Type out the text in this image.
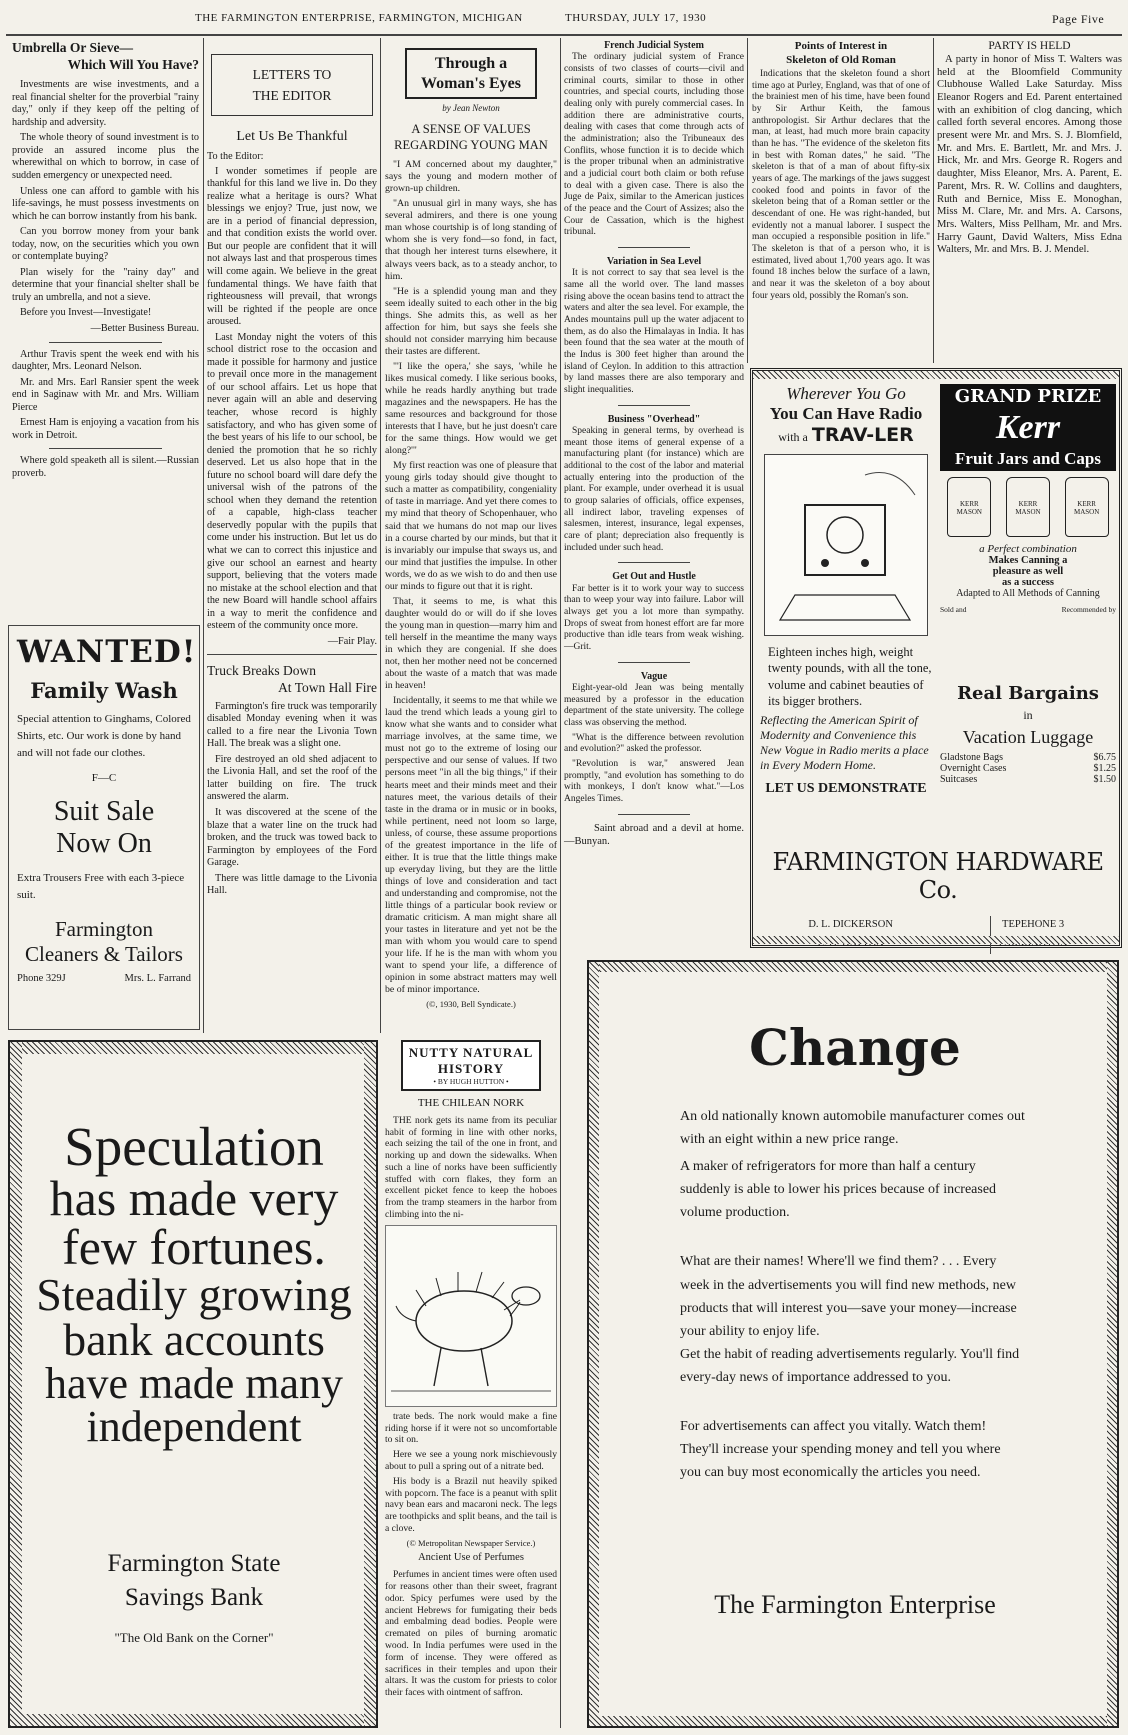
THE FARMINGTON ENTERPRISE, FARMINGTON, MICHIGAN	THURSDAY, JULY 17, 1930	Page Five
Umbrella Or Sieve—
Which Will You Have?

Investments are wise investments, and a real financial shelter for the proverbial "rainy day," only if they keep off the pelting of hardship and adversity.

The whole theory of sound investment is to provide an assured income plus the wherewithal on which to borrow, in case of sudden emergency or unexpected need.

Unless one can afford to gamble with his life-savings, he must possess investments on which he can borrow instantly from his bank.

Can you borrow money from your bank today, now, on the securities which you own or contemplate buying?

Plan wisely for the "rainy day" and determine that your financial shelter shall be truly an umbrella, and not a sieve.

Before you Invest—Investigate!

—Better Business Bureau.

Arthur Travis spent the week end with his daughter, Mrs. Leonard Nelson.

Mr. and Mrs. Earl Ransier spent the week end in Saginaw with Mr. and Mrs. William Pierce

Ernest Ham is enjoying a vacation from his work in Detroit.

Where gold speaketh all is silent.—Russian proverb.

WANTED!
Family Wash
Special attention to Ginghams, Colored Shirts, etc. Our work is done by hand and will not fade our clothes.
F—C
Suit Sale
Now On
Extra Trousers Free with each 3-piece suit.
Farmington
Cleaners & Tailors
Phone 329J	Mrs. L. Farrand
LETTERS TO
THE EDITOR
Let Us Be Thankful
To the Editor:

I wonder sometimes if people are thankful for this land we live in. Do they realize what a heritage is ours? What blessings we enjoy? True, just now, we are in a period of financial depression, and that condition exists the world over. But our people are confident that it will not always last and that prosperous times will come again. We believe in the great fundamental things. We have faith that righteousness will prevail, that wrongs will be righted if the people are once aroused.

Last Monday night the voters of this school district rose to the occasion and made it possible for harmony and justice to prevail once more in the management of our school affairs. Let us hope that never again will an able and deserving teacher, whose record is highly satisfactory, and who has given some of the best years of his life to our school, be denied the promotion that he so richly deserved. Let us also hope that in the future no school board will dare defy the universal wish of the patrons of the school when they demand the retention of a capable, high-class teacher deservedly popular with the pupils that come under his instruction. But let us do what we can to correct this injustice and give our school an earnest and hearty support, believing that the voters made no mistake at the school election and that the new Board will handle school affairs in a way to merit the confidence and esteem of the community once more.

—Fair Play.
Truck Breaks Down
At Town Hall Fire

Farmington's fire truck was temporarily disabled Monday evening when it was called to a fire near the Livonia Town Hall. The break was a slight one.

Fire destroyed an old shed adjacent to the Livonia Hall, and set the roof of the latter building on fire. The truck answered the alarm.

It was discovered at the scene of the blaze that a water line on the truck had broken, and the truck was towed back to Farmington by employees of the Ford Garage.

There was little damage to the Livonia Hall.

Through a
Woman's Eyes
by Jean Newton
A SENSE OF VALUES REGARDING YOUNG MAN

"I AM concerned about my daughter," says the young and modern mother of grown-up children.

"An unusual girl in many ways, she has several admirers, and there is one young man whose courtship is of long standing of whom she is very fond—so fond, in fact, that though her interest turns elsewhere, it always veers back, as to a steady anchor, to him.

"He is a splendid young man and they seem ideally suited to each other in the big things. She admits this, as well as her affection for him, but says she feels she should not consider marrying him because their tastes are different.

"'I like the opera,' she says, 'while he likes musical comedy. I like serious books, while he reads hardly anything but trade magazines and the newspapers. He has the same resources and background for those interests that I have, but he just doesn't care for the same things. How would we get along?'"

My first reaction was one of pleasure that young girls today should give thought to such a matter as compatibility, congeniality of taste in marriage. And yet there comes to my mind that theory of Schopenhauer, who said that we humans do not map our lives in a course charted by our minds, but that it is invariably our impulse that sways us, and our mind that justifies the impulse. In other words, we do as we wish to do and then use our minds to figure out that it is right.

That, it seems to me, is what this daughter would do or will do if she loves the young man in question—marry him and tell herself in the meantime the many ways in which they are congenial. If she does not, then her mother need not be concerned about the waste of a match that was made in heaven!

Incidentally, it seems to me that while we laud the trend which leads a young girl to know what she wants and to consider what marriage involves, at the same time, we must not go to the extreme of losing our perspective and our sense of values. If two persons meet "in all the big things," if their hearts meet and their minds meet and their natures meet, the various details of their taste in the drama or in music or in books, while pertinent, need not loom so large, unless, of course, these assume proportions of the greatest importance in the life of either. It is true that the little things make up everyday living, but they are the little things of love and consideration and tact and understanding and compromise, not the little things of a particular book review or dramatic criticism. A man might share all your tastes in literature and yet not be the man with whom you would care to spend your life. If he is the man with whom you want to spend your life, a difference of opinion in some abstract matters may well be of minor importance.

(©, 1930, Bell Syndicate.)
NUTTY NATURAL
HISTORY
• BY HUGH HUTTON •
THE CHILEAN NORK

THE nork gets its name from its peculiar habit of forming in line with other norks, each seizing the tail of the one in front, and norking up and down the sidewalks. When such a line of norks have been sufficiently stuffed with corn flakes, they form an excellent picket fence to keep the hoboes from the tramp steamers in the harbor from climbing into the ni-

trate beds. The nork would make a fine riding horse if it were not so uncomfortable to sit on.

Here we see a young nork mischievously about to pull a spring out of a nitrate bed.

His body is a Brazil nut heavily spiked with popcorn. The face is a peanut with split navy bean ears and macaroni neck. The legs are toothpicks and split beans, and the tail is a clove.

(© Metropolitan Newspaper Service.)
Ancient Use of Perfumes

Perfumes in ancient times were often used for reasons other than their sweet, fragrant odor. Spicy perfumes were used by the ancient Hebrews for fumigating their beds and embalming dead bodies. People were cremated on piles of burning aromatic wood. In India perfumes were used in the form of incense. They were offered as sacrifices in their temples and upon their altars. It was the custom for priests to color their faces with ointment of saffron.

French Judicial System

The ordinary judicial system of France consists of two classes of courts—civil and criminal courts, similar to those in other countries, and special courts, including those dealing only with purely commercial cases. In addition there are administrative courts, dealing with cases that come through acts of the administration; also the Tribuneaux des Conflits, whose function it is to decide which is the proper tribunal when an administrative and a judicial court both claim or both refuse to deal with a given case. There is also the Juge de Paix, similar to the American justices of the peace and the Court of Assizes; also the Cour de Cassation, which is the highest tribunal.

Variation in Sea Level

It is not correct to say that sea level is the same all the world over. The land masses rising above the ocean basins tend to attract the waters and alter the sea level. For example, the Andes mountains pull up the water adjacent to them, as do also the Himalayas in India. It has been found that the sea water at the mouth of the Indus is 300 feet higher than around the island of Ceylon. In addition to this attraction by land masses there are also temporary and slight inequalities.

Business "Overhead"

Speaking in general terms, by overhead is meant those items of general expense of a manufacturing plant (for instance) which are additional to the cost of the labor and material actually entering into the production of the plant. For example, under overhead it is usual to group salaries of officials, office expenses, all indirect labor, traveling expenses of salesmen, interest, insurance, legal expenses, care of plant; depreciation also frequently is included under such head.

Get Out and Hustle

Far better is it to work your way to success than to weep your way into failure. Labor will always get you a lot more than sympathy. Drops of sweat from honest effort are far more productive than idle tears from weak wishing.—Grit.

Vague

Eight-year-old Jean was being mentally measured by a professor in the education department of the state university. The college class was observing the method.

"What is the difference between revolution and evolution?" asked the professor.

"Revolution is war," answered Jean promptly, "and evolution has something to do with monkeys, I don't know what."—Los Angeles Times.

Saint abroad and a devil at home.—Bunyan.

Points of Interest in
Skeleton of Old Roman

Indications that the skeleton found a short time ago at Purley, England, was that of one of the brainiest men of his time, have been found by Sir Arthur Keith, the famous anthropologist. Sir Arthur declares that the man, at least, had much more brain capacity than he has. "The evidence of the skeleton fits in best with Roman dates," he said. "The skeleton is that of a man of about fifty-six years of age. The markings of the jaws suggest cooked food and points in favor of the skeleton being that of a Roman settler or the descendant of one. He was right-handed, but evidently not a manual laborer. I suspect the man occupied a responsible position in life." The skeleton is that of a person who, it is estimated, lived about 1,700 years ago. It was found 18 inches below the surface of a lawn, and near it was the skeleton of a boy about four years old, possibly the Roman's son.

PARTY IS HELD

A party in honor of Miss T. Walters was held at the Bloomfield Community Clubhouse Walled Lake Saturday. Miss Eleanor Rogers and Ed. Parent entertained with an exhibition of clog dancing, which called forth several encores. Among those present were Mr. and Mrs. S. J. Blomfield, Mr. and Mrs. E. Bartlett, Mr. and Mrs. J. Hick, Mr. and Mrs. George R. Rogers and daughter, Miss Eleanor, Mrs. A. Parent, E. Parent, Mrs. R. W. Collins and daughters, Ruth and Bernice, Miss E. Monoghan, Miss M. Clare, Mr. and Mrs. A. Carsons, Mrs. Walters, Miss Pellham, Mr. and Mrs. Harry Gaunt, David Walters, Miss Edna Walters, Mr. and Mrs. B. J. Mendel.

Wherever You Go
You Can Have Radio
with a TRAV-LER
Eighteen inches high, weight twenty pounds, with all the tone, volume and cabinet beauties of its bigger brothers.
Reflecting the American Spirit of Modernity and Convenience this New Vogue in Radio merits a place in Every Modern Home.
LET US DEMONSTRATE
GRAND PRIZE
Kerr
Fruit Jars and Caps
KERR MASON
KERR MASON
KERR MASON
a Perfect combination
Makes Canning a
pleasure as well
as a success
Adapted to All Methods of Canning
Sold and	Recommended by
Real Bargains
in
Vacation Luggage
Gladstone Bags	$6.75
Overnight Cases	$1.25
Suitcases	$1.50
FARMINGTON HARDWARE Co.
D. L. DICKERSON	TEPEHONE 3
Speculation
has made very
few fortunes.
Steadily growing
bank accounts
have made many
independent
Farmington State
Savings Bank
"The Old Bank on the Corner"
Change
An old nationally known automobile manufacturer comes out with an eight within a new price range.
A maker of refrigerators for more than half a century suddenly is able to lower his prices because of increased volume production.
What are their names! Where'll we find them? . . . Every week in the advertisements you will find new methods, new products that will interest you—save your money—increase your ability to enjoy life.
Get the habit of reading advertisements regularly. You'll find every-day news of importance addressed to you.
For advertisements can affect you vitally. Watch them! They'll increase your spending money and tell you where you can buy most economically the articles you need.
The Farmington Enterprise
